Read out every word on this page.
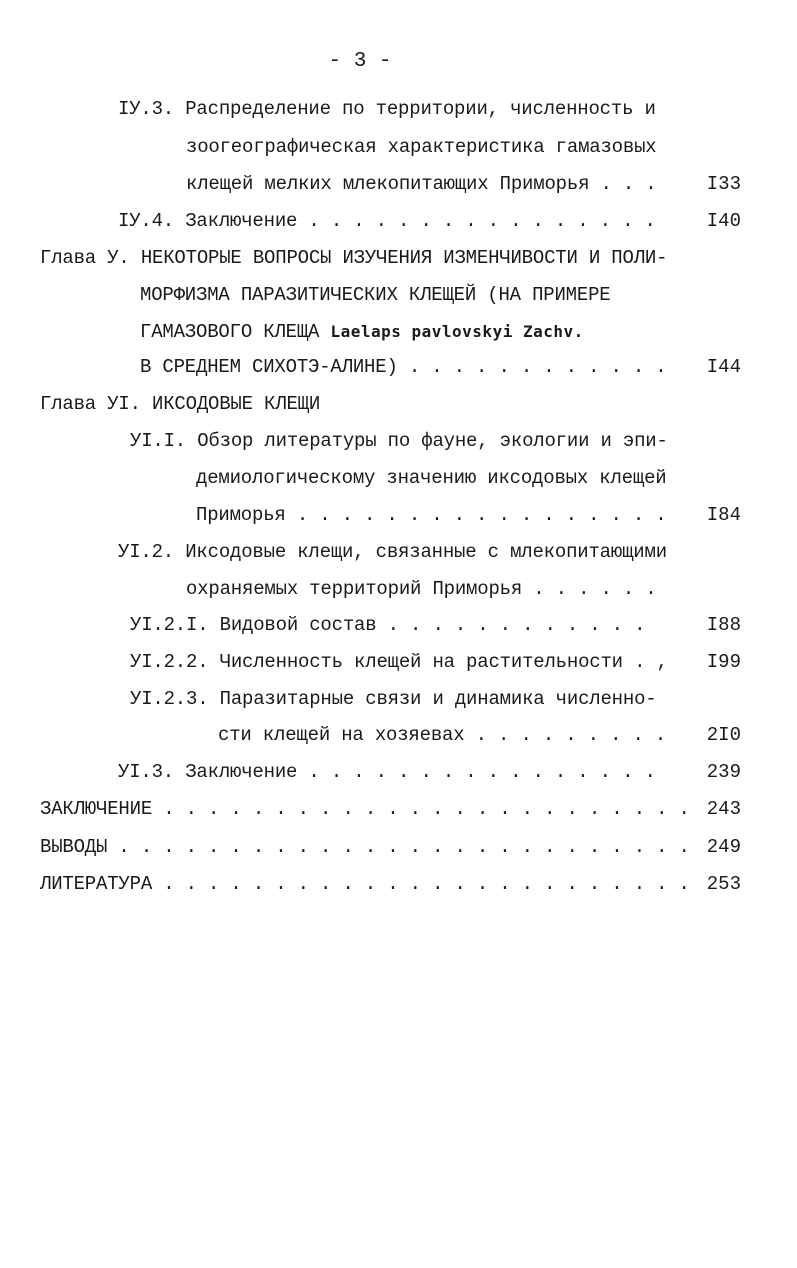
- 3 -
IУ.3. Распределение по территории, численность и
зоогеографическая характеристика гамазовых
клещей мелких млекопитающих Приморья . . .	I33
IУ.4. Заключение . . . . . . . . . . . . . . . .	I40
Глава У. НЕКОТОРЫЕ ВОПРОСЫ ИЗУЧЕНИЯ ИЗМЕНЧИВОСТИ И ПОЛИ-
МОРФИЗМА ПАРАЗИТИЧЕСКИХ КЛЕЩЕЙ (НА ПРИМЕРЕ
ГАМАЗОВОГО КЛЕЩА Laelaps pavlovskyi Zachv.
В СРЕДНЕМ СИХОТЭ-АЛИНЕ) . . . . . . . . . . . . I44
Глава УI. ИКСОДОВЫЕ КЛЕЩИ
УI.I. Обзор литературы по фауне, экологии и эпи-
демиологическому значению иксодовых клещей
Приморья . . . . . . . . . . . . . . . . . I84
УI.2. Иксодовые клещи, связанные с млекопитающими
охраняемых территорий Приморья . . . . . .
УI.2.I. Видовой состав . . . . . . . . . . . .	I88
УI.2.2. Численность клещей на растительности . , I99
УI.2.3. Паразитарные связи и динамика численно-
сти клещей на хозяевах . . . . . . . . . 2I0
УI.3. Заключение . . . . . . . . . . . . . . . .	239
ЗАКЛЮЧЕНИЕ . . . . . . . . . . . . . . . . . . . . . . . . 243
ВЫВОДЫ . . . . . . . . . . . . . . . . . . . . . . . . . . 249
ЛИТЕРАТУРА . . . . . . . . . . . . . . . . . . . . . . . . 253
